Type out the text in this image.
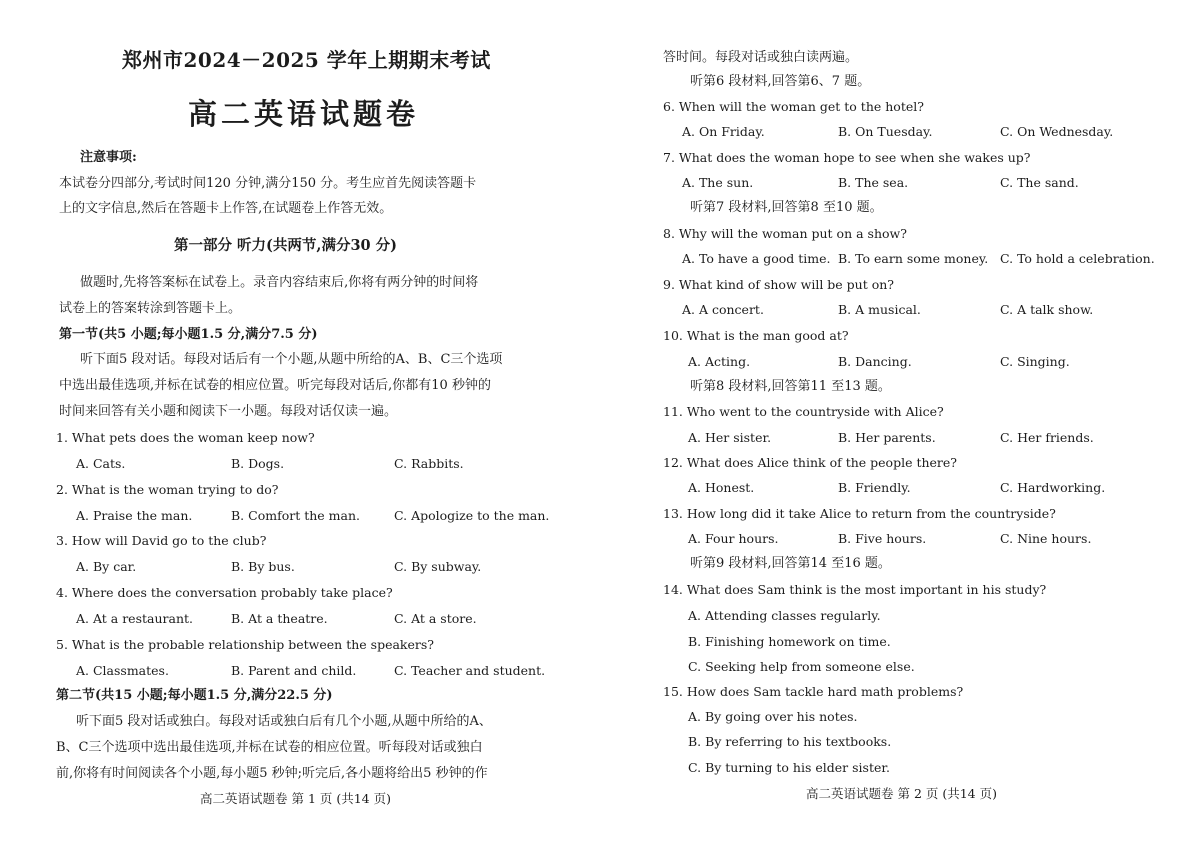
郑州市2024－2025 学年上期期末考试
高二英语试题卷
注意事项:
本试卷分四部分,考试时间120 分钟,满分150 分。考生应首先阅读答题卡
上的文字信息,然后在答题卡上作答,在试题卷上作答无效。
第一部分 听力(共两节,满分30 分)
做题时,先将答案标在试卷上。录音内容结束后,你将有两分钟的时间将
试卷上的答案转涂到答题卡上。
第一节(共5 小题;每小题1.5 分,满分7.5 分)
听下面5 段对话。每段对话后有一个小题,从题中所给的A、B、C三个选项
中选出最佳选项,并标在试卷的相应位置。听完每段对话后,你都有10 秒钟的
时间来回答有关小题和阅读下一小题。每段对话仅读一遍。
1. What pets does the woman keep now?
A. Cats.	B. Dogs.	C. Rabbits.
2. What is the woman trying to do?
A. Praise the man.	B. Comfort the man.	C. Apologize to the man.
3. How will David go to the club?
A. By car.	B. By bus.	C. By subway.
4. Where does the conversation probably take place?
A. At a restaurant.	B. At a theatre.	C. At a store.
5. What is the probable relationship between the speakers?
A. Classmates.	B. Parent and child.	C. Teacher and student.
第二节(共15 小题;每小题1.5 分,满分22.5 分)
听下面5 段对话或独白。每段对话或独白后有几个小题,从题中所给的A、
B、C三个选项中选出最佳选项,并标在试卷的相应位置。听每段对话或独白
前,你将有时间阅读各个小题,每小题5 秒钟;听完后,各小题将给出5 秒钟的作
高二英语试题卷 第 1 页 (共14 页)
答时间。每段对话或独白读两遍。
听第6 段材料,回答第6、7 题。
6. When will the woman get to the hotel?
A. On Friday.	B. On Tuesday.	C. On Wednesday.
7. What does the woman hope to see when she wakes up?
A. The sun.	B. The sea.	C. The sand.
听第7 段材料,回答第8 至10 题。
8. Why will the woman put on a show?
A. To have a good time. B. To earn some money. C. To hold a celebration.
9. What kind of show will be put on?
A. A concert.	B. A musical.	C. A talk show.
10. What is the man good at?
A. Acting.	B. Dancing.	C. Singing.
听第8 段材料,回答第11 至13 题。
11. Who went to the countryside with Alice?
A. Her sister.	B. Her parents.	C. Her friends.
12. What does Alice think of the people there?
A. Honest.	B. Friendly.	C. Hardworking.
13. How long did it take Alice to return from the countryside?
A. Four hours.	B. Five hours.	C. Nine hours.
听第9 段材料,回答第14 至16 题。
14. What does Sam think is the most important in his study?
A. Attending classes regularly.
B. Finishing homework on time.
C. Seeking help from someone else.
15. How does Sam tackle hard math problems?
A. By going over his notes.
B. By referring to his textbooks.
C. By turning to his elder sister.
高二英语试题卷 第 2 页 (共14 页)
